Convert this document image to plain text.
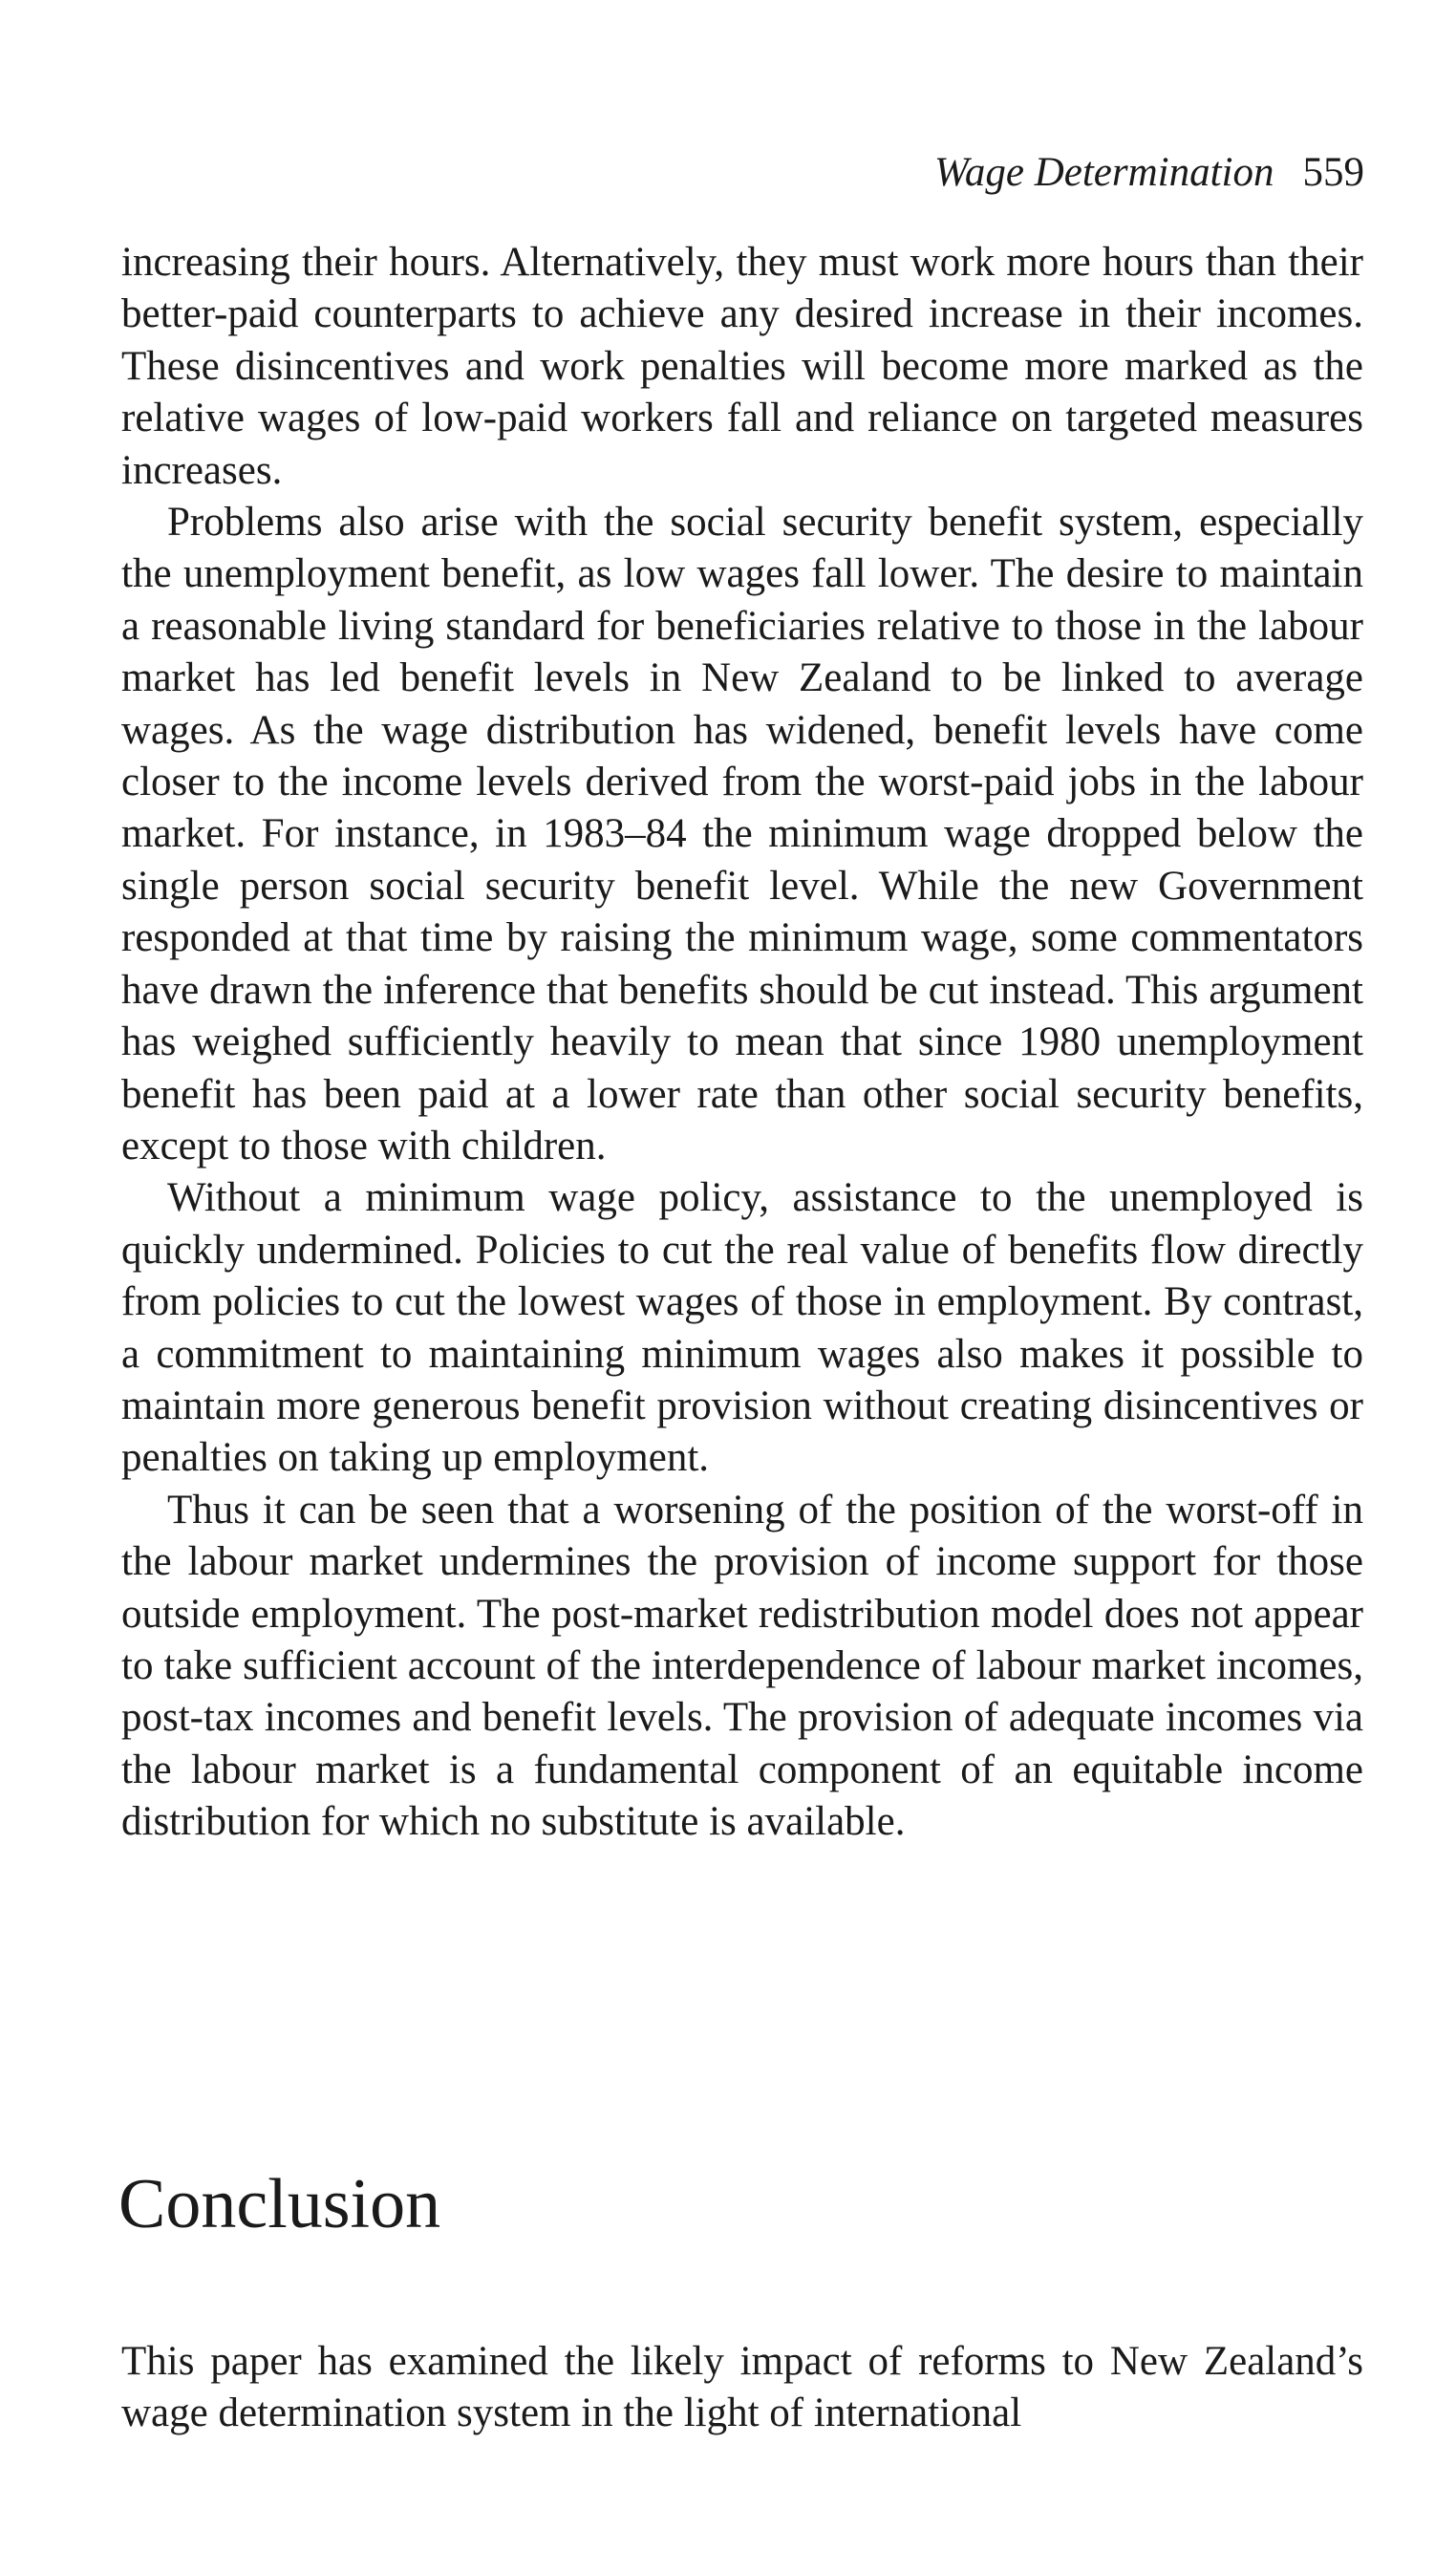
Wage Determination 559

increasing their hours. Alternatively, they must work more hours than their better-paid counterparts to achieve any desired increase in their incomes. These disincentives and work penalties will become more marked as the relative wages of low-paid workers fall and reliance on targeted measures increases.

Problems also arise with the social security benefit system, especially the unemployment benefit, as low wages fall lower. The desire to maintain a reasonable living standard for beneficiaries relative to those in the labour market has led benefit levels in New Zealand to be linked to average wages. As the wage distribution has widened, benefit levels have come closer to the income levels derived from the worst-paid jobs in the labour market. For instance, in 1983–84 the minimum wage dropped below the single person social security benefit level. While the new Government responded at that time by raising the minimum wage, some commentators have drawn the inference that benefits should be cut instead. This argument has weighed sufficiently heavily to mean that since 1980 unemployment benefit has been paid at a lower rate than other social security benefits, except to those with children.

Without a minimum wage policy, assistance to the unemployed is quickly undermined. Policies to cut the real value of benefits flow directly from policies to cut the lowest wages of those in employment. By contrast, a commitment to maintaining minimum wages also makes it possible to maintain more generous benefit provision without creating disincentives or penalties on taking up employment.

Thus it can be seen that a worsening of the position of the worst-off in the labour market undermines the provision of income support for those outside employment. The post-market redistribution model does not appear to take sufficient account of the interdependence of labour market incomes, post-tax incomes and benefit levels. The provision of adequate incomes via the labour market is a fundamental component of an equitable income distribution for which no substitute is available.

Conclusion

This paper has examined the likely impact of reforms to New Zealand’s wage determination system in the light of international
